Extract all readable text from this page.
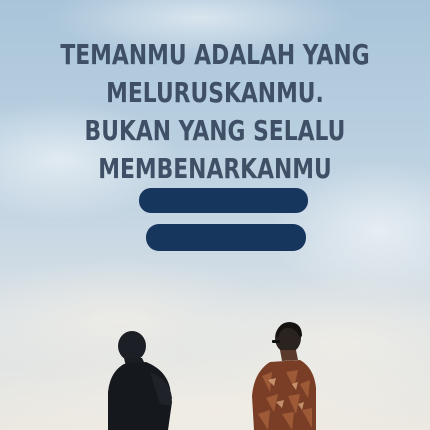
TEMANMU ADALAH YANG
MELURUSKANMU.
BUKAN YANG SELALU
MEMBENARKANMU
